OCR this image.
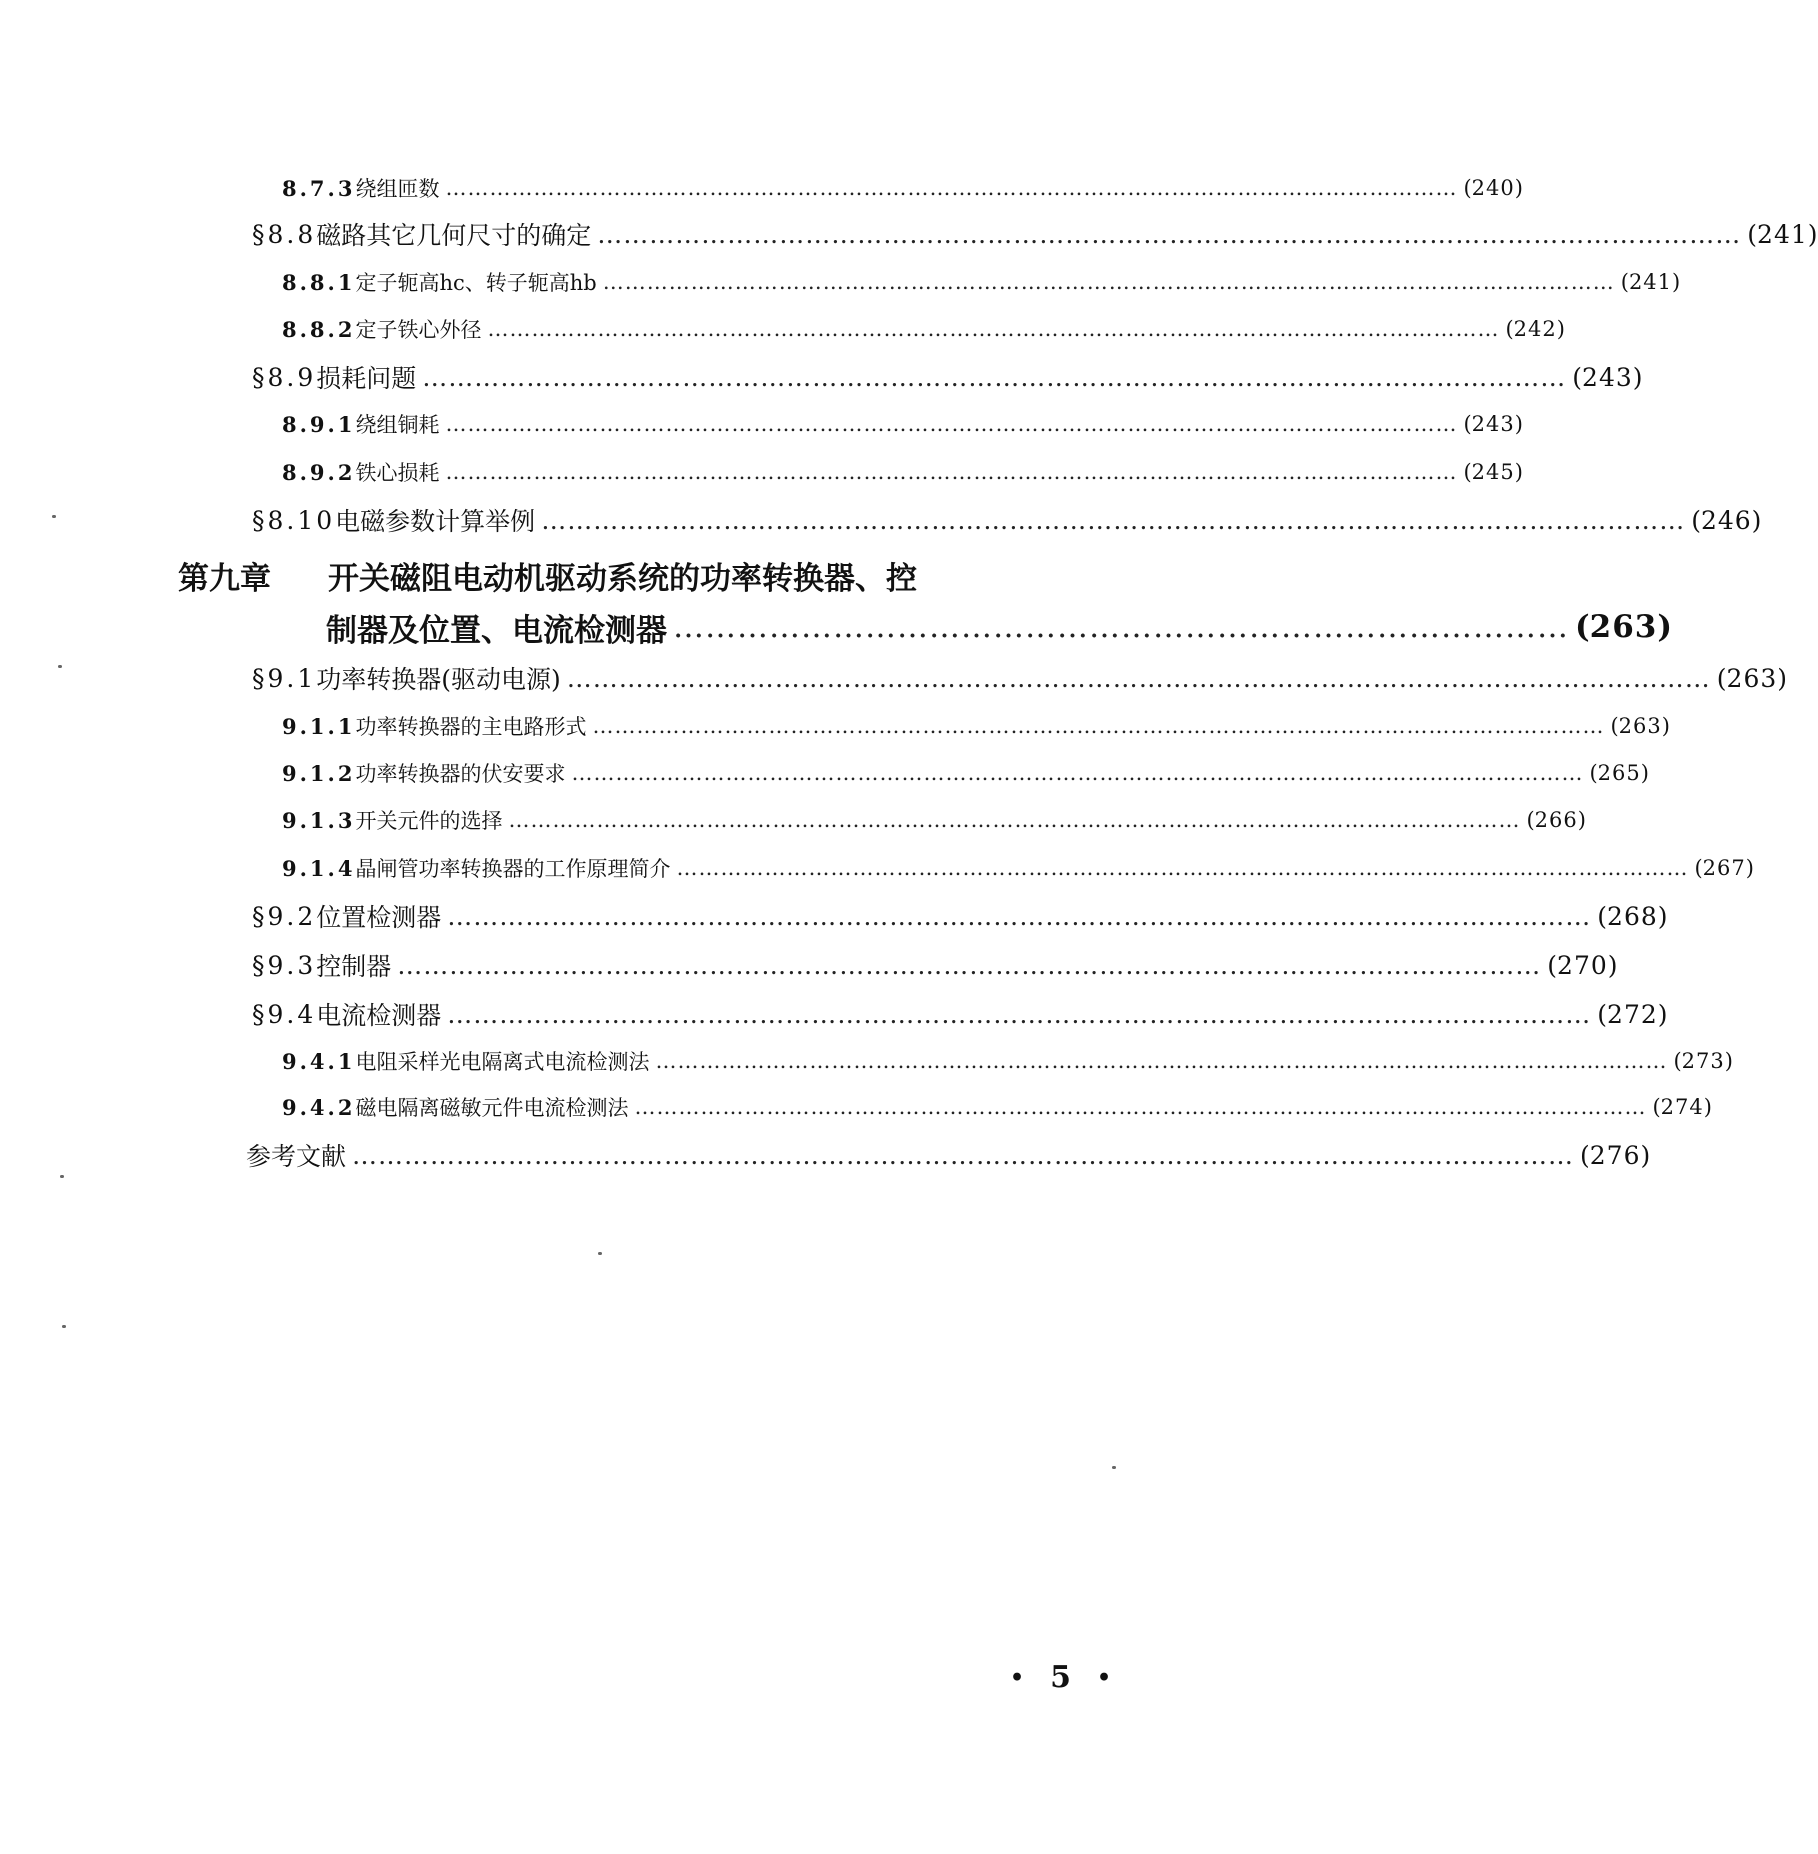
8.7.3 绕组匝数 ………………………………………………………………………………………………………………………… ( 240 )
§8.8 磁路其它几何尺寸的确定 …………………………………………………………………………………………………………………… ( 241 )
8.8.1 定子轭高hc、转子轭高hb ………………………………………………………………………………………………………………………… ( 241 )
8.8.2 定子铁心外径 ………………………………………………………………………………………………………………………… ( 242 )
§8.9 损耗问题 …………………………………………………………………………………………………………………… ( 243 )
8.9.1 绕组铜耗 ………………………………………………………………………………………………………………………… ( 243 )
8.9.2 铁心损耗 ………………………………………………………………………………………………………………………… ( 245 )
§8.10 电磁参数计算举例 …………………………………………………………………………………………………………………… ( 246 )
第九章	开关磁阻电动机驱动系统的功率转换器、控
制器及位置、电流检测器 ………………………………………………………………………… ( 263 )
§9.1 功率转换器(驱动电源) …………………………………………………………………………………………………………………… ( 263 )
9.1.1 功率转换器的主电路形式 ………………………………………………………………………………………………………………………… ( 263 )
9.1.2 功率转换器的伏安要求 ………………………………………………………………………………………………………………………… ( 265 )
9.1.3 开关元件的选择 ………………………………………………………………………………………………………………………… ( 266 )
9.1.4 晶闸管功率转换器的工作原理简介 ………………………………………………………………………………………………………………………… ( 267 )
§9.2 位置检测器 …………………………………………………………………………………………………………………… ( 268 )
§9.3 控制器 …………………………………………………………………………………………………………………… ( 270 )
§9.4 电流检测器 …………………………………………………………………………………………………………………… ( 272 )
9.4.1 电阻采样光电隔离式电流检测法 ………………………………………………………………………………………………………………………… ( 273 )
9.4.2 磁电隔离磁敏元件电流检测法 ………………………………………………………………………………………………………………………… ( 274 )
参考文献 …………………………………………………………………………………………………………………………… ( 276 )
• 5 •
